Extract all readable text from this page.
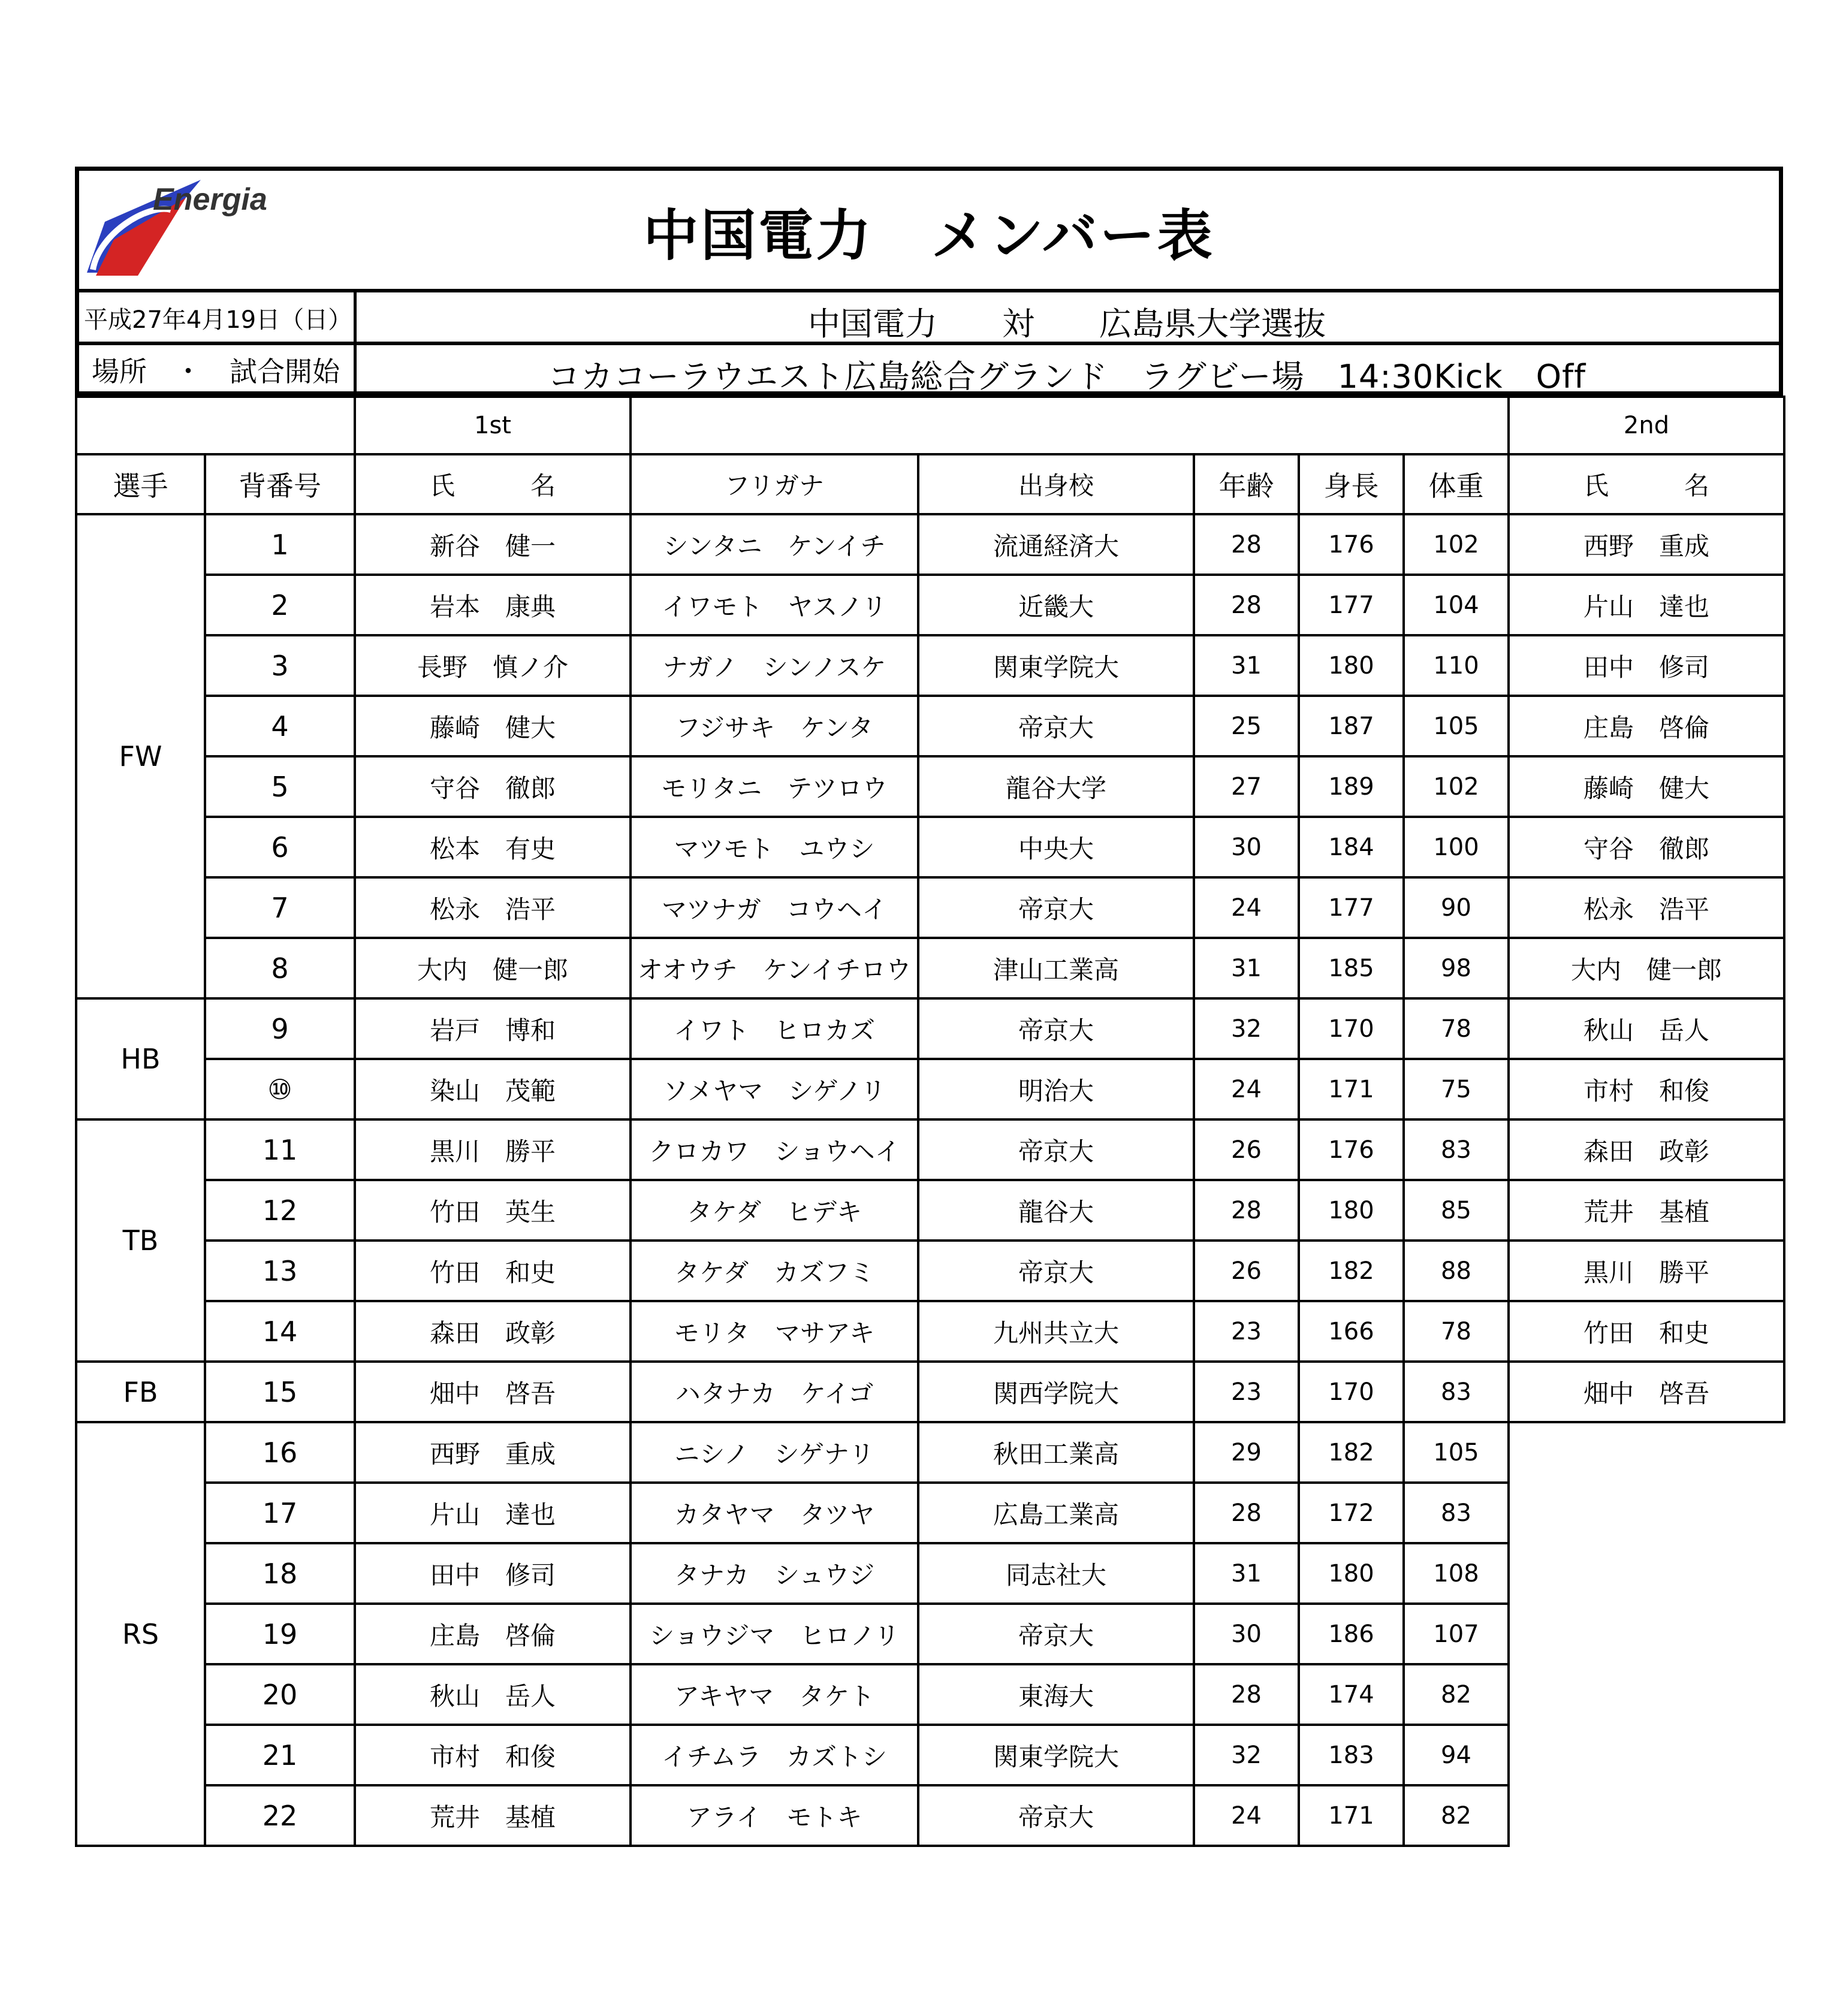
Energia
中国電力　メンバー表
平成27年4月19日（日）	中国電力　　対　　広島県大学選抜
場所　・　試合開始	コカコーラウエスト広島総合グランド　ラグビー場　14:30Kick　Off
		1st						2nd
選手	背番号	氏　　　名	フリガナ	出身校	年齢	身長	体重	氏　　　名
FW	1	新谷　健一	シンタニ　ケンイチ	流通経済大	28	176	102	西野　重成
	2	岩本　康典	イワモト　ヤスノリ	近畿大	28	177	104	片山　達也
	3	長野　慎ノ介	ナガノ　シンノスケ	関東学院大	31	180	110	田中　修司
	4	藤崎　健大	フジサキ　ケンタ	帝京大	25	187	105	庄島　啓倫
	5	守谷　徹郎	モリタニ　テツロウ	龍谷大学	27	189	102	藤崎　健大
	6	松本　有史	マツモト　ユウシ	中央大	30	184	100	守谷　徹郎
	7	松永　浩平	マツナガ　コウヘイ	帝京大	24	177	90	松永　浩平
	8	大内　健一郎	オオウチ　ケンイチロウ	津山工業高	31	185	98	大内　健一郎
HB	9	岩戸　博和	イワト　ヒロカズ	帝京大	32	170	78	秋山　岳人
	⑩	染山　茂範	ソメヤマ　シゲノリ	明治大	24	171	75	市村　和俊
TB	11	黒川　勝平	クロカワ　ショウヘイ	帝京大	26	176	83	森田　政彰
	12	竹田　英生	タケダ　ヒデキ	龍谷大	28	180	85	荒井　基植
	13	竹田　和史	タケダ　カズフミ	帝京大	26	182	88	黒川　勝平
	14	森田　政彰	モリタ　マサアキ	九州共立大	23	166	78	竹田　和史
FB	15	畑中　啓吾	ハタナカ　ケイゴ	関西学院大	23	170	83	畑中　啓吾
RS	16	西野　重成	ニシノ　シゲナリ	秋田工業高	29	182	105	
	17	片山　達也	カタヤマ　タツヤ	広島工業高	28	172	83	
	18	田中　修司	タナカ　シュウジ	同志社大	31	180	108	
	19	庄島　啓倫	ショウジマ　ヒロノリ	帝京大	30	186	107	
	20	秋山　岳人	アキヤマ　タケト	東海大	28	174	82	
	21	市村　和俊	イチムラ　カズトシ	関東学院大	32	183	94	
	22	荒井　基植	アライ　モトキ	帝京大	24	171	82	
